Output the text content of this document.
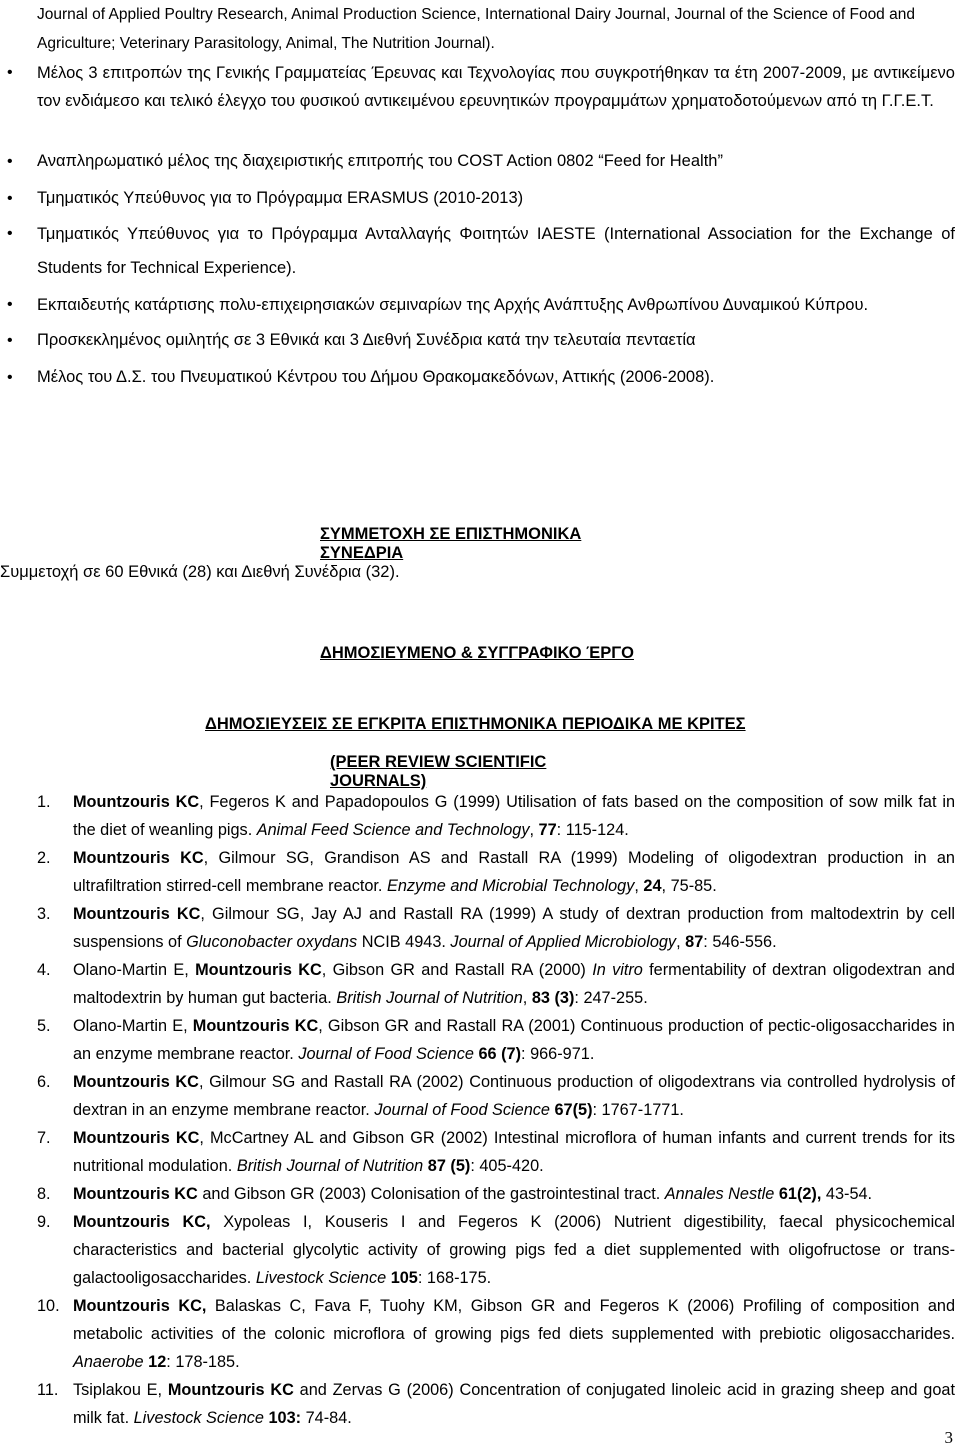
Journal of Applied Poultry Research, Animal Production Science, International Dairy Journal, Journal of the Science of Food and Agriculture; Veterinary Parasitology, Animal, The Nutrition Journal).
• Μέλος 3 επιτροπών της Γενικής Γραμματείας Έρευνας και Τεχνολογίας που συγκροτήθηκαν τα έτη 2007-2009, με αντικείμενο τον ενδιάμεσο και τελικό έλεγχο του φυσικού αντικειμένου ερευνητικών προγραμμάτων χρηματοδοτούμενων από τη Γ.Γ.Ε.Τ.
• Αναπληρωματικό μέλος της διαχειριστικής επιτροπής του COST Action 0802 “Feed for Health”
• Τμηματικός Υπεύθυνος για το Πρόγραμμα ERASMUS (2010-2013)
• Τμηματικός Υπεύθυνος για το Πρόγραμμα Ανταλλαγής Φοιτητών IAESTE (International Association for the Exchange of Students for Technical Experience).
• Εκπαιδευτής κατάρτισης πολυ-επιχειρησιακών σεμιναρίων της Αρχής Ανάπτυξης Ανθρωπίνου Δυναμικού Κύπρου.
• Προσκεκλημένος ομιλητής σε 3 Εθνικά και 3 Διεθνή Συνέδρια κατά την τελευταία πενταετία
• Μέλος του Δ.Σ. του Πνευματικού Κέντρου του Δήμου Θρακομακεδόνων, Αττικής (2006-2008).
ΣΥΜΜΕΤΟΧΗ ΣΕ ΕΠΙΣΤΗΜΟΝΙΚΑ ΣΥΝΕΔΡΙΑ
Συμμετοχή σε 60 Εθνικά (28) και Διεθνή Συνέδρια (32).
ΔΗΜΟΣΙΕΥΜΕΝΟ & ΣΥΓΓΡΑΦΙΚΟ ΈΡΓΟ
ΔΗΜΟΣΙΕΥΣΕΙΣ ΣΕ ΕΓΚΡΙΤΑ ΕΠΙΣΤΗΜΟΝΙΚΑ ΠΕΡΙΟΔΙΚΑ ΜΕ ΚΡΙΤΕΣ
(PEER REVIEW SCIENTIFIC JOURNALS)
1. Mountzouris KC, Fegeros K and Papadopoulos G (1999) Utilisation of fats based on the composition of sow milk fat in the diet of weanling pigs. Animal Feed Science and Technology, 77: 115-124.
2. Mountzouris KC, Gilmour SG, Grandison AS and Rastall RA (1999) Modeling of oligodextran production in an ultrafiltration stirred-cell membrane reactor. Enzyme and Microbial Technology, 24, 75-85.
3. Mountzouris KC, Gilmour SG, Jay AJ and Rastall RA (1999) A study of dextran production from maltodextrin by cell suspensions of Gluconobacter oxydans NCIB 4943. Journal of Applied Microbiology, 87: 546-556.
4. Olano-Martin E, Mountzouris KC, Gibson GR and Rastall RA (2000) In vitro fermentability of dextran oligodextran and maltodextrin by human gut bacteria. British Journal of Nutrition, 83 (3): 247-255.
5. Olano-Martin E, Mountzouris KC, Gibson GR and Rastall RA (2001) Continuous production of pectic-oligosaccharides in an enzyme membrane reactor. Journal of Food Science 66 (7): 966-971.
6. Mountzouris KC, Gilmour SG and Rastall RA (2002) Continuous production of oligodextrans via controlled hydrolysis of dextran in an enzyme membrane reactor. Journal of Food Science 67(5): 1767-1771.
7. Mountzouris KC, McCartney AL and Gibson GR (2002) Intestinal microflora of human infants and current trends for its nutritional modulation. British Journal of Nutrition 87 (5): 405-420.
8. Mountzouris KC and Gibson GR (2003) Colonisation of the gastrointestinal tract. Annales Nestle 61(2), 43-54.
9. Mountzouris KC, Xypoleas I, Kouseris I and Fegeros K (2006) Nutrient digestibility, faecal physicochemical characteristics and bacterial glycolytic activity of growing pigs fed a diet supplemented with oligofructose or trans-galactooligosaccharides. Livestock Science 105: 168-175.
10. Mountzouris KC, Balaskas C, Fava F, Tuohy KM, Gibson GR and Fegeros K (2006) Profiling of composition and metabolic activities of the colonic microflora of growing pigs fed diets supplemented with prebiotic oligosaccharides. Anaerobe 12: 178-185.
11. Tsiplakou E, Mountzouris KC and Zervas G (2006) Concentration of conjugated linoleic acid in grazing sheep and goat milk fat. Livestock Science 103: 74-84.
3
